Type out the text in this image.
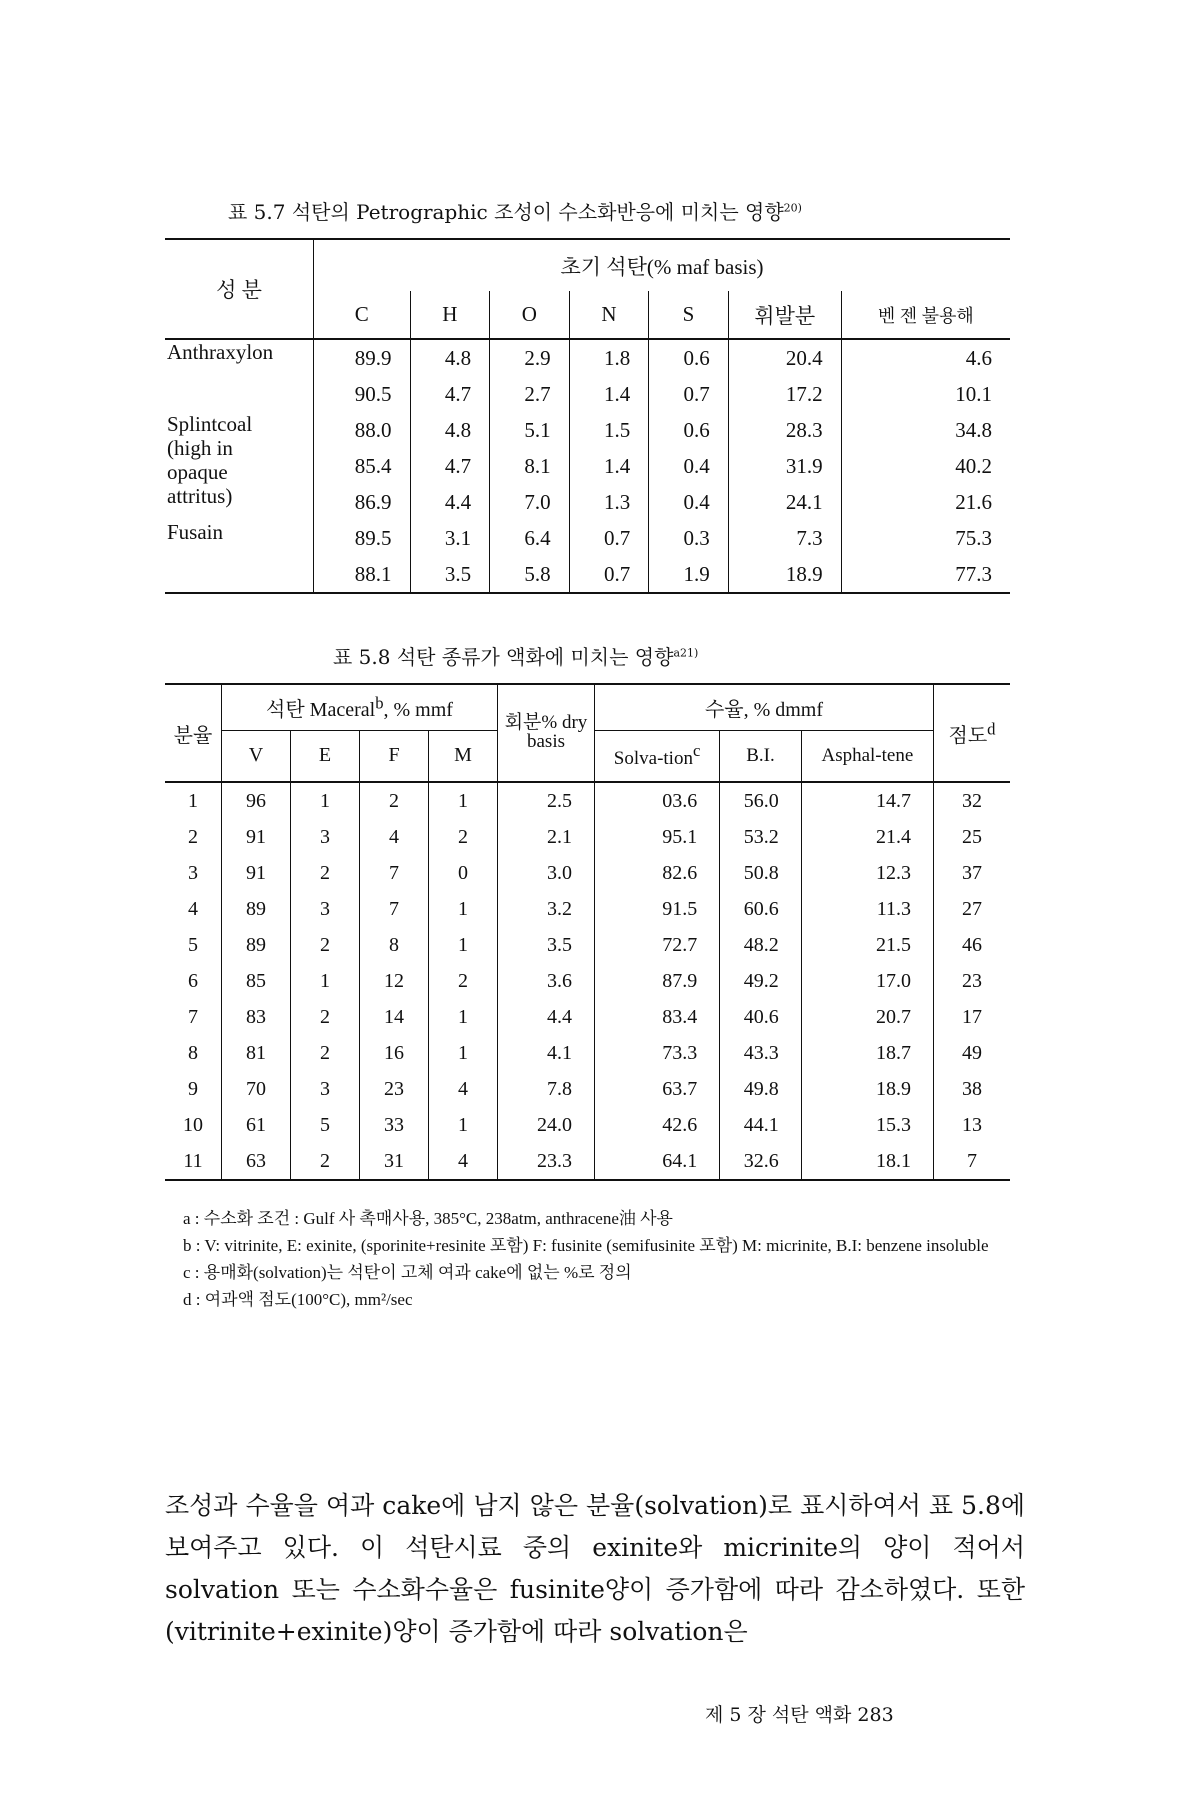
표 5.7 석탄의 Petrographic 조성이 수소화반응에 미치는 영향$^{20)}$
성 분	초기 석탄(% maf basis)						
	C	H	O	N	S	휘발분	벤 젠 불용해
Anthraxylon	89.9	4.8	2.9	1.8	0.6	20.4	4.6
	90.5	4.7	2.7	1.4	0.7	17.2	10.1
Splintcoal (high in opaque attritus)	88.0	4.8	5.1	1.5	0.6	28.3	34.8
	85.4	4.7	8.1	1.4	0.4	31.9	40.2
	86.9	4.4	7.0	1.3	0.4	24.1	21.6
Fusain	89.5	3.1	6.4	0.7	0.3	7.3	75.3
	88.1	3.5	5.8	0.7	1.9	18.9	77.3
표 5.8 석탄 종류가 액화에 미치는 영향$^{a21)}$
분율	석탄 Maceral$^b$, % mmf				회분% dry basis	수율, % dmmf			점도$^d$
	V	E	F	M		Solva-tion$^c$	B.I.	Asphal-tene	
1	96	1	2	1	2.5	03.6	56.0	14.7	32
2	91	3	4	2	2.1	95.1	53.2	21.4	25
3	91	2	7	0	3.0	82.6	50.8	12.3	37
4	89	3	7	1	3.2	91.5	60.6	11.3	27
5	89	2	8	1	3.5	72.7	48.2	21.5	46
6	85	1	12	2	3.6	87.9	49.2	17.0	23
7	83	2	14	1	4.4	83.4	40.6	20.7	17
8	81	2	16	1	4.1	73.3	43.3	18.7	49
9	70	3	23	4	7.8	63.7	49.8	18.9	38
10	61	5	33	1	24.0	42.6	44.1	15.3	13
11	63	2	31	4	23.3	64.1	32.6	18.1	7

a : 수소화 조건 : Gulf 사 촉매사용, 385°C, 238atm, anthracene油 사용

b : V: vitrinite, E: exinite, (sporinite+resinite 포함) F: fusinite (semifusinite 포함) M: micrinite, B.I: benzene insoluble

c : 용매화(solvation)는 석탄이 고체 여과 cake에 없는 %로 정의

d : 여과액 점도(100°C), mm²/sec

조성과 수율을 여과 cake에 남지 않은 분율(solvation)로 표시하여서 표 5.8에 보여주고 있다. 이 석탄시료 중의 exinite와 micrinite의 양이 적어서 solvation 또는 수소화수율은 fusinite양이 증가함에 따라 감소하였다. 또한 (vitrinite+exinite)양이 증가함에 따라 solvation은

제 5 장 석탄 액화 283
